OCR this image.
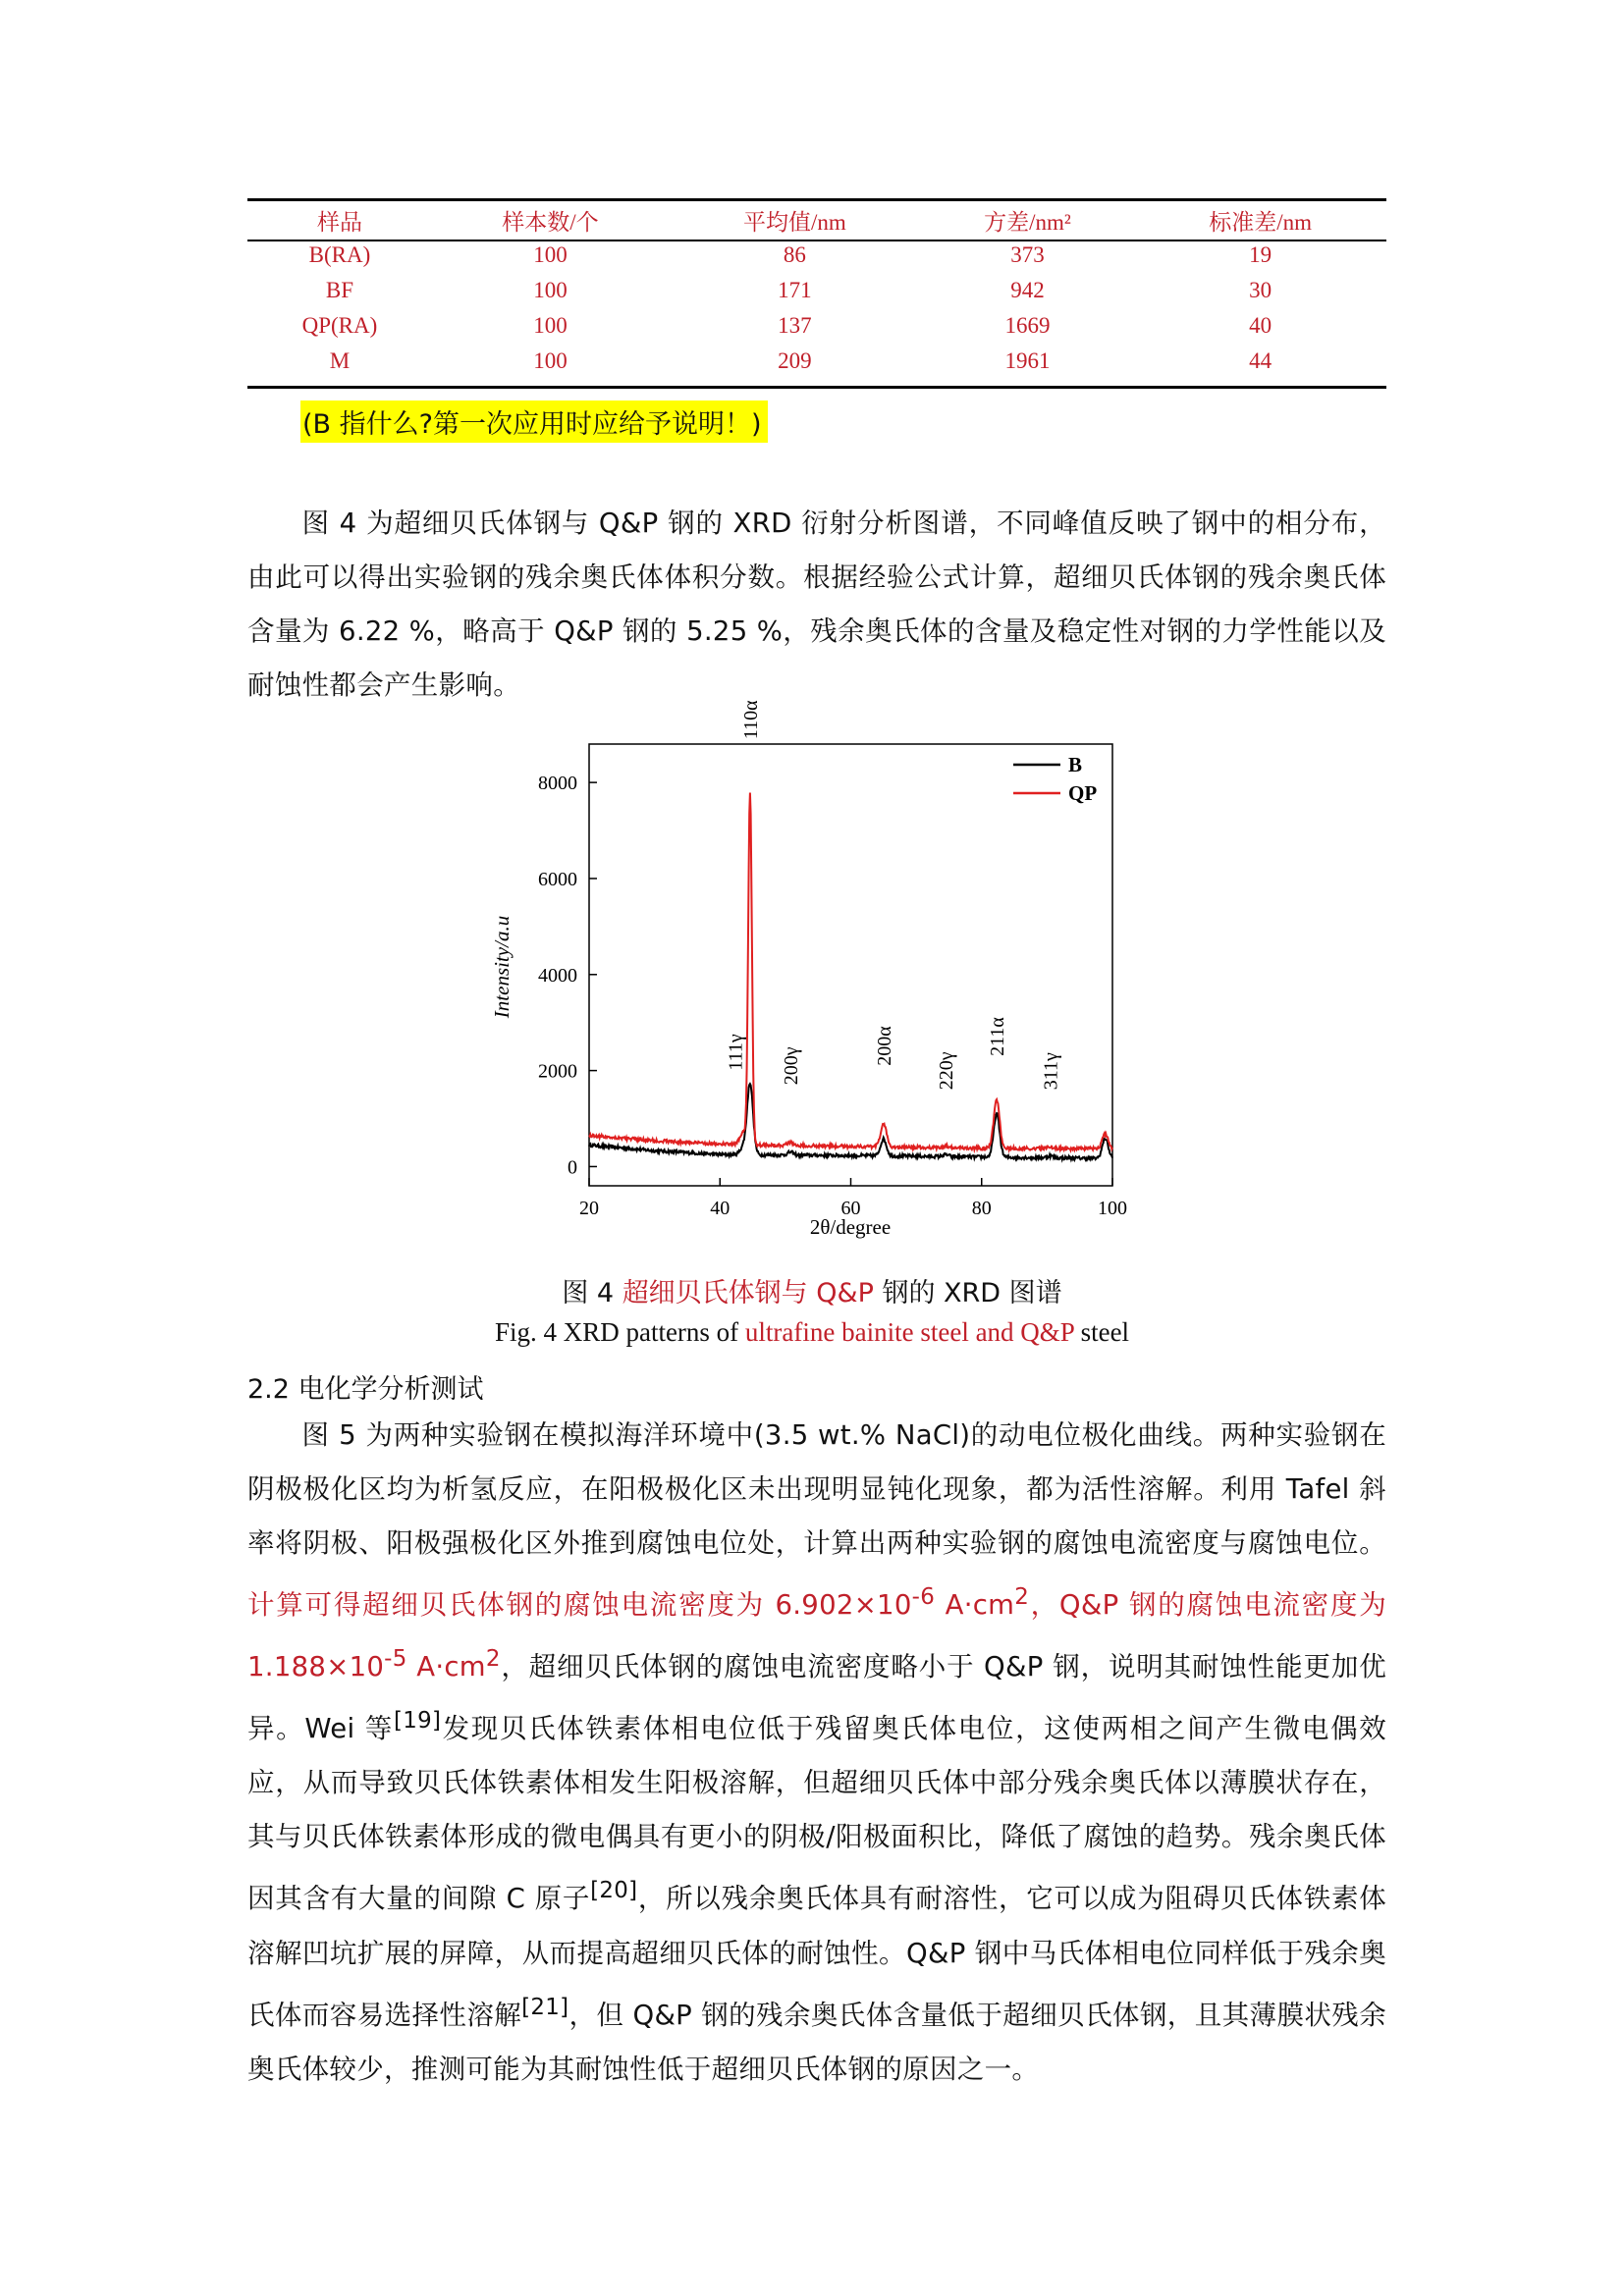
样品	样本数/个	平均值/nm	方差/nm²	标准差/nm
B(RA)	100	86	373	19
BF	100	171	942	30
QP(RA)	100	137	1669	40
M	100	209	1961	44
(B 指什么?第一次应用时应给予说明！)

图 4 为超细贝氏体钢与 Q&P 钢的 XRD 衍射分析图谱，不同峰值反映了钢中的相分布，由此可以得出实验钢的残余奥氏体体积分数。根据经验公式计算，超细贝氏体钢的残余奥氏体含量为 6.22 %，略高于 Q&P 钢的 5.25 %，残余奥氏体的含量及稳定性对钢的力学性能以及耐蚀性都会产生影响。

20	40	60	80	100
0
2000
4000
6000
8000
111γ
110α
200γ
200α
220γ
211α
311γ
Intensity/a.u
2θ/degree
B
QP
图 4 超细贝氏体钢与 Q&P 钢的 XRD 图谱
Fig. 4 XRD patterns of ultrafine bainite steel and Q&P steel
2.2 电化学分析测试

图 5 为两种实验钢在模拟海洋环境中(3.5 wt.% NaCl)的动电位极化曲线。两种实验钢在阴极极化区均为析氢反应，在阳极极化区未出现明显钝化现象，都为活性溶解。利用 Tafel 斜率将阴极、阳极强极化区外推到腐蚀电位处，计算出两种实验钢的腐蚀电流密度与腐蚀电位。计算可得超细贝氏体钢的腐蚀电流密度为 $6.902\times 10^{-6}$ $A\cdot cm^2$，Q&P 钢的腐蚀电流密度为 $1.188\times 10^{-5}$ $A\cdot cm^2$，超细贝氏体钢的腐蚀电流密度略小于 Q&P 钢，说明其耐蚀性能更加优异。Wei 等[19]发现贝氏体铁素体相电位低于残留奥氏体电位，这使两相之间产生微电偶效应，从而导致贝氏体铁素体相发生阳极溶解，但超细贝氏体中部分残余奥氏体以薄膜状存在，其与贝氏体铁素体形成的微电偶具有更小的阴极/阳极面积比，降低了腐蚀的趋势。残余奥氏体因其含有大量的间隙 C 原子[20]，所以残余奥氏体具有耐溶性，它可以成为阻碍贝氏体铁素体溶解凹坑扩展的屏障，从而提高超细贝氏体的耐蚀性。Q&P 钢中马氏体相电位同样低于残余奥氏体而容易选择性溶解[21]，但 Q&P 钢的残余奥氏体含量低于超细贝氏体钢，且其薄膜状残余奥氏体较少，推测可能为其耐蚀性低于超细贝氏体钢的原因之一。
